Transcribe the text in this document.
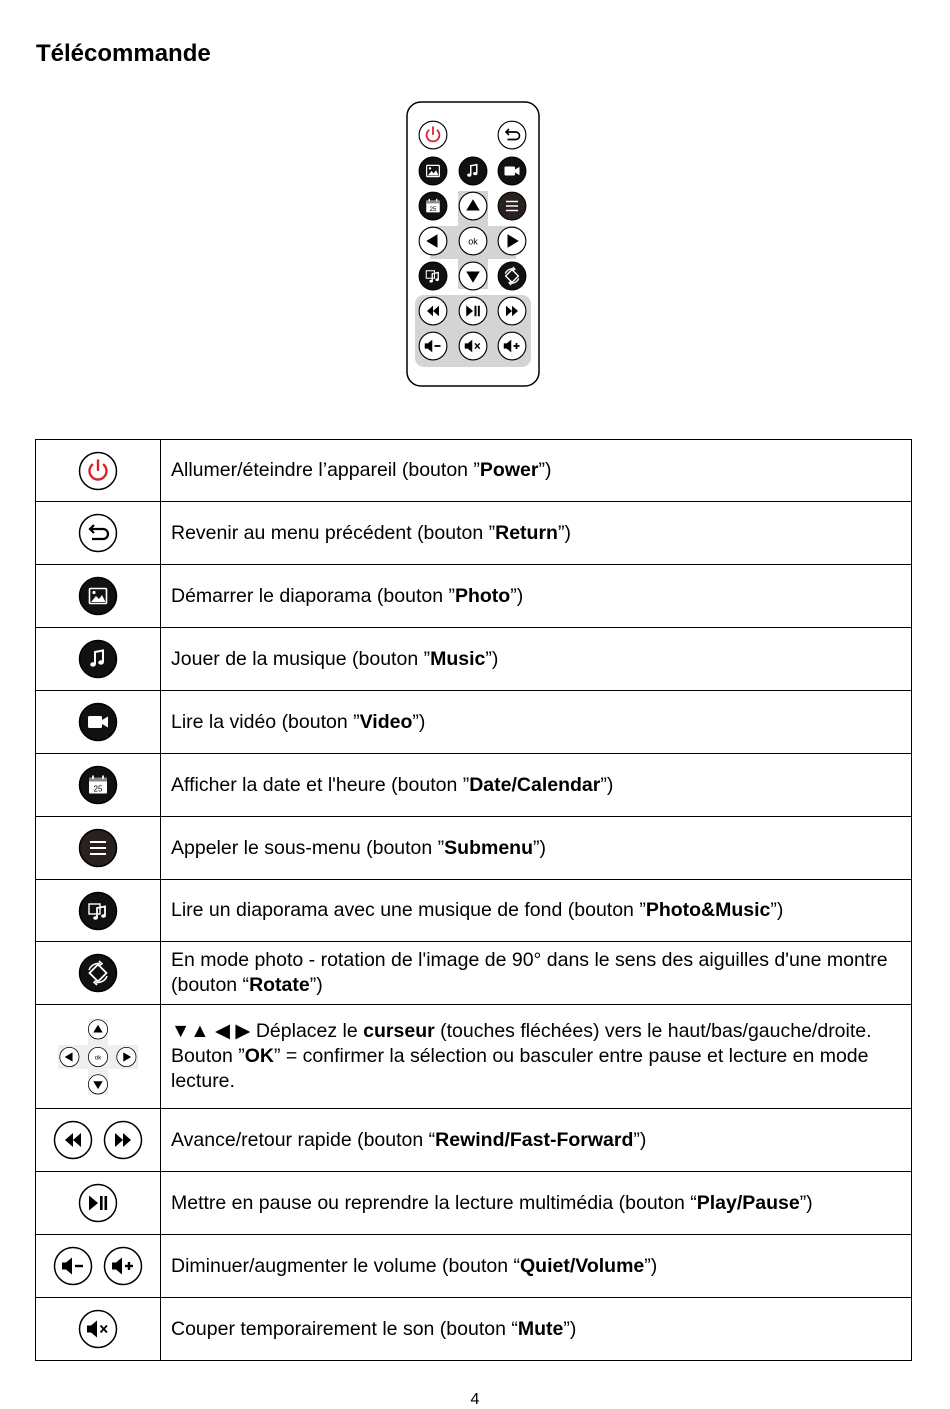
Télécommande
25
ok
	Allumer/éteindre l’appareil (bouton ”Power”)
	Revenir au menu précédent (bouton ”Return”)
	Démarrer le diaporama (bouton ”Photo”)
	Jouer de la musique (bouton ”Music”)
	Lire la vidéo (bouton ”Video”)

25	Afficher la date et l'heure (bouton ”Date/Calendar”)
	Appeler le sous-menu (bouton ”Submenu”)
	Lire un diaporama avec une musique de fond (bouton ”Photo&Music”)
	En mode photo - rotation de l'image de 90° dans le sens des aiguilles d'une montre (bouton “Rotate”)

ok	▼▲ ◀ ▶ Déplacez le curseur (touches fléchées) vers le haut/bas/gauche/droite. Bouton ”OK” = confirmer la sélection ou basculer entre pause et lecture en mode lecture.
	Avance/retour rapide (bouton “Rewind/Fast-Forward”)
	Mettre en pause ou reprendre la lecture multimédia (bouton “Play/Pause”)
	Diminuer/augmenter le volume (bouton “Quiet/Volume”)
	Couper temporairement le son (bouton “Mute”)
4
